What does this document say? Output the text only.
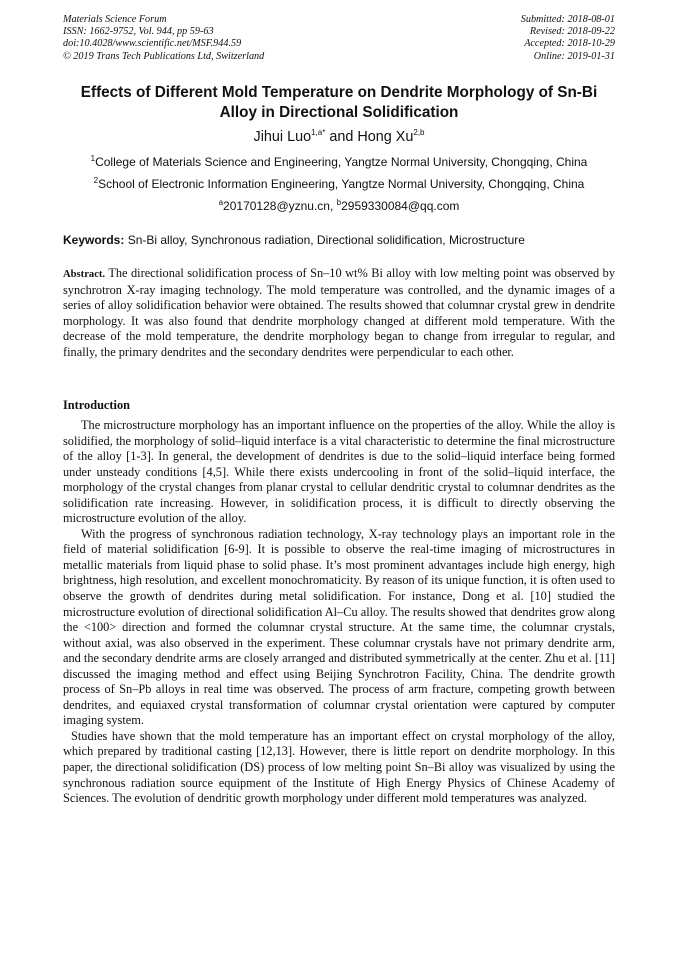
Materials Science Forum
ISSN: 1662-9752, Vol. 944, pp 59-63
doi:10.4028/www.scientific.net/MSF.944.59
© 2019 Trans Tech Publications Ltd, Switzerland
Submitted: 2018-08-01
Revised: 2018-09-22
Accepted: 2018-10-29
Online: 2019-01-31
Effects of Different Mold Temperature on Dendrite Morphology of Sn-Bi
Alloy in Directional Solidification
Jihui Luo$^{1,a*}$ and Hong Xu$^{2,b}$
$^1$College of Materials Science and Engineering, Yangtze Normal University, Chongqing, China
$^2$School of Electronic Information Engineering, Yangtze Normal University, Chongqing, China
$^a$20170128@yznu.cn, $^b$2959330084@qq.com
Keywords: Sn-Bi alloy, Synchronous radiation, Directional solidification, Microstructure
Abstract. The directional solidification process of Sn–10 wt% Bi alloy with low melting point was observed by synchrotron X-ray imaging technology. The mold temperature was controlled, and the dynamic images of a series of alloy solidification behavior were obtained. The results showed that columnar crystal grew in dendrite morphology. It was also found that dendrite morphology changed at different mold temperature. With the decrease of the mold temperature, the dendrite morphology began to change from irregular to regular, and finally, the primary dendrites and the secondary dendrites were perpendicular to each other.
Introduction

The microstructure morphology has an important influence on the properties of the alloy. While the alloy is solidified, the morphology of solid–liquid interface is a vital characteristic to determine the final microstructure of the alloy [1-3]. In general, the development of dendrites is due to the solid–liquid interface being formed under unsteady conditions [4,5]. While there exists undercooling in front of the solid–liquid interface, the morphology of the crystal changes from planar crystal to cellular dendritic crystal to columnar dendrites as the solidification rate increasing. However, in solidification process, it is difficult to directly observing the microstructure evolution of the alloy.

With the progress of synchronous radiation technology, X-ray technology plays an important role in the field of material solidification [6-9]. It is possible to observe the real-time imaging of microstructures in metallic materials from liquid phase to solid phase. It’s most prominent advantages include high energy, high brightness, high resolution, and excellent monochromaticity. By reason of its unique function, it is often used to observe the growth of dendrites during metal solidification. For instance, Dong et al. [10] studied the microstructure evolution of directional solidification Al–Cu alloy. The results showed that dendrites grow along the <100> direction and formed the columnar crystal structure. At the same time, the columnar crystals, without axial, was also observed in the experiment. These columnar crystals have not primary dendrite arm, and the secondary dendrite arms are closely arranged and distributed symmetrically at the center. Zhu et al. [11] discussed the imaging method and effect using Beijing Synchrotron Facility, China. The dendrite growth process of Sn–Pb alloys in real time was observed. The process of arm fracture, competing growth between dendrites, and equiaxed crystal transformation of columnar crystal orientation were captured by computer imaging system.

Studies have shown that the mold temperature has an important effect on crystal morphology of the alloy, which prepared by traditional casting [12,13]. However, there is little report on dendrite morphology. In this paper, the directional solidification (DS) process of low melting point Sn–Bi alloy was visualized by using the synchronous radiation source equipment of the Institute of High Energy Physics of Chinese Academy of Sciences. The evolution of dendritic growth morphology under different mold temperatures was analyzed.
